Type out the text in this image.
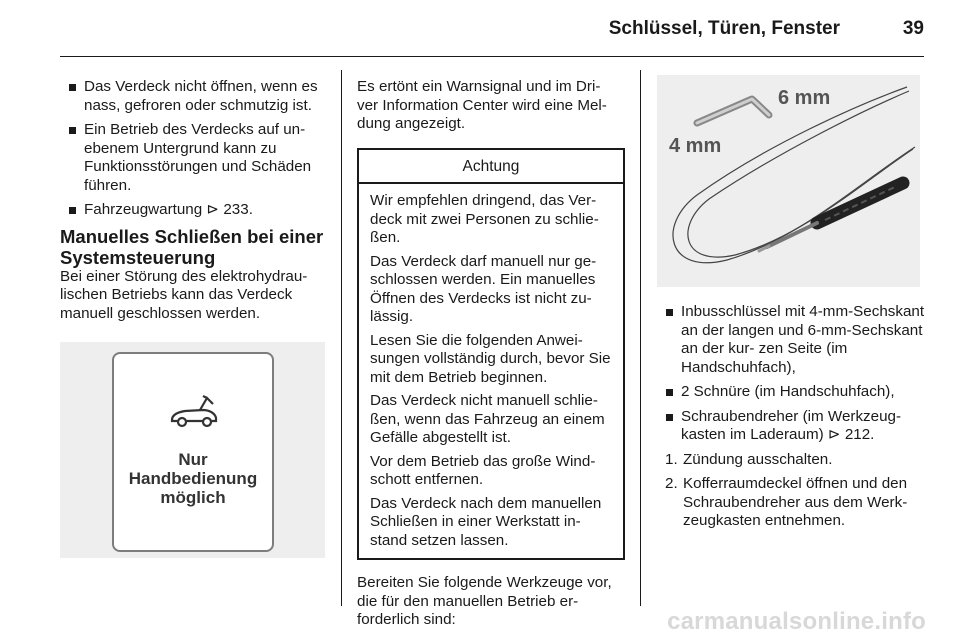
Schlüssel, Türen, Fenster	39
Das Verdeck nicht öffnen, wenn es nass, gefroren oder schmutzig ist.
Ein Betrieb des Verdecks auf un‑ ebenem Untergrund kann zu Funktionsstörungen und Schäden führen.
Fahrzeugwartung ⊳ 233.
Manuelles Schließen bei einer Systemsteuerung

Bei einer Störung des elektrohydrau‑ lischen Betriebs kann das Verdeck manuell geschlossen werden.

Nur
Handbedienung
möglich

Es ertönt ein Warnsignal und im Dri‑ ver Information Center wird eine Mel‑ dung angezeigt.

Achtung

Wir empfehlen dringend, das Ver‑ deck mit zwei Personen zu schlie‑ ßen.

Das Verdeck darf manuell nur ge‑ schlossen werden. Ein manuelles Öffnen des Verdecks ist nicht zu‑ lässig.

Lesen Sie die folgenden Anwei‑ sungen vollständig durch, bevor Sie mit dem Betrieb beginnen.

Das Verdeck nicht manuell schlie‑ ßen, wenn das Fahrzeug an einem Gefälle abgestellt ist.

Vor dem Betrieb das große Wind‑ schott entfernen.

Das Verdeck nach dem manuellen Schließen in einer Werkstatt in‑ stand setzen lassen.

Bereiten Sie folgende Werkzeuge vor, die für den manuellen Betrieb er‑ forderlich sind:

6 mm
4 mm
Inbusschlüssel mit 4-mm-Sechskant an der langen und 6-mm-Sechskant an der kur‑ zen Seite (im Handschuhfach),
2 Schnüre (im Handschuhfach),
Schraubendreher (im Werkzeug‑ kasten im Laderaum) ⊳ 212.
1. Zündung ausschalten.
2. Kofferraumdeckel öffnen und den Schraubendreher aus dem Werk‑ zeugkasten entnehmen.
carmanualsonline.info
